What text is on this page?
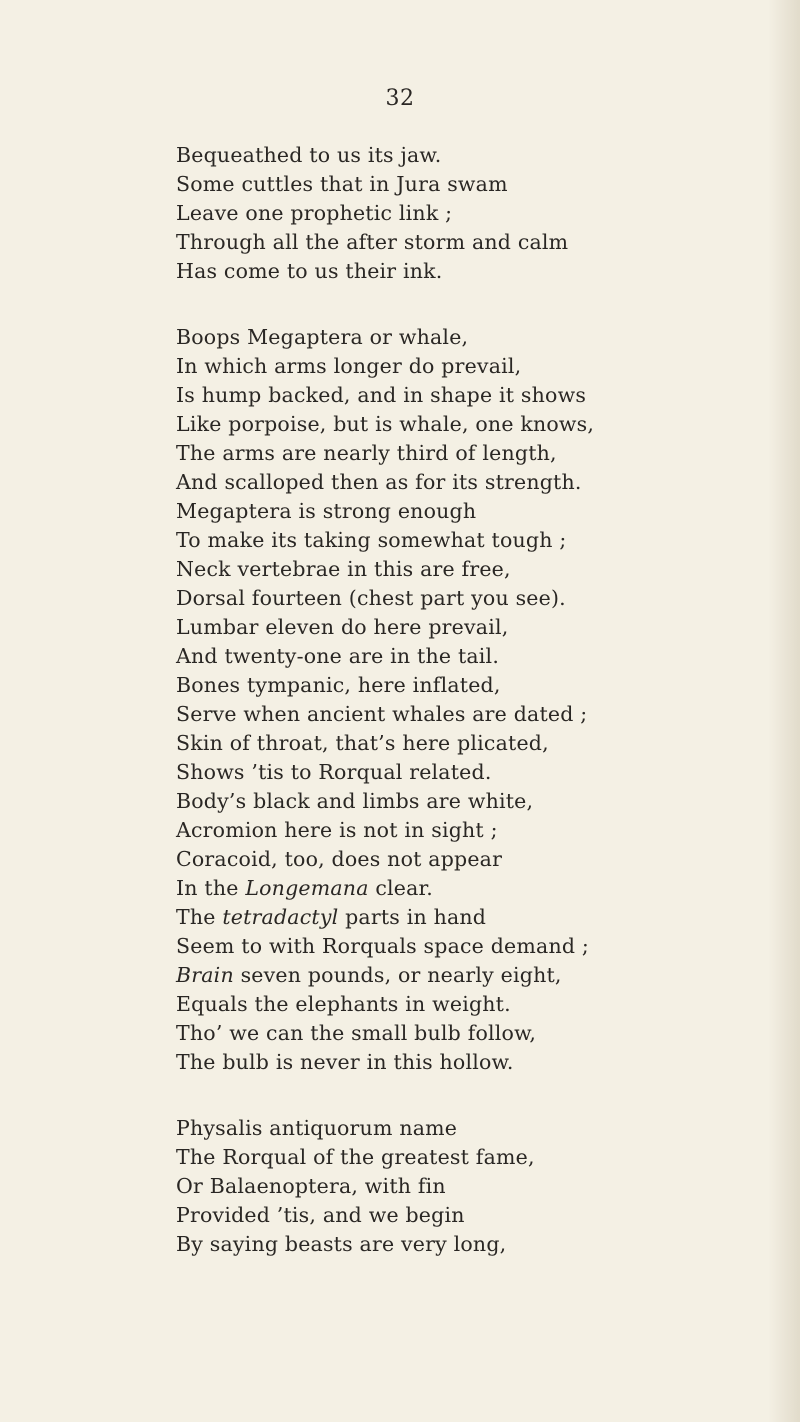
32
Bequeathed to us its jaw.
Some cuttles that in Jura swam
Leave one prophetic link ;
Through all the after storm and calm
Has come to us their ink.
Boops Megaptera or whale,
In which arms longer do prevail,
Is hump backed, and in shape it shows
Like porpoise, but is whale, one knows,
The arms are nearly third of length,
And scalloped then as for its strength.
Megaptera is strong enough
To make its taking somewhat tough ;
Neck vertebrae in this are free,
Dorsal fourteen (chest part you see).
Lumbar eleven do here prevail,
And twenty-one are in the tail.
Bones tympanic, here inflated,
Serve when ancient whales are dated ;
Skin of throat, that’s here plicated,
Shows ’tis to Rorqual related.
Body’s black and limbs are white,
Acromion here is not in sight ;
Coracoid, too, does not appear
In the Longemana clear.
The tetradactyl parts in hand
Seem to with Rorquals space demand ;
Brain seven pounds, or nearly eight,
Equals the elephants in weight.
Tho’ we can the small bulb follow,
The bulb is never in this hollow.
Physalis antiquorum name
The Rorqual of the greatest fame,
Or Balaenoptera, with fin
Provided ’tis, and we begin
By saying beasts are very long,
